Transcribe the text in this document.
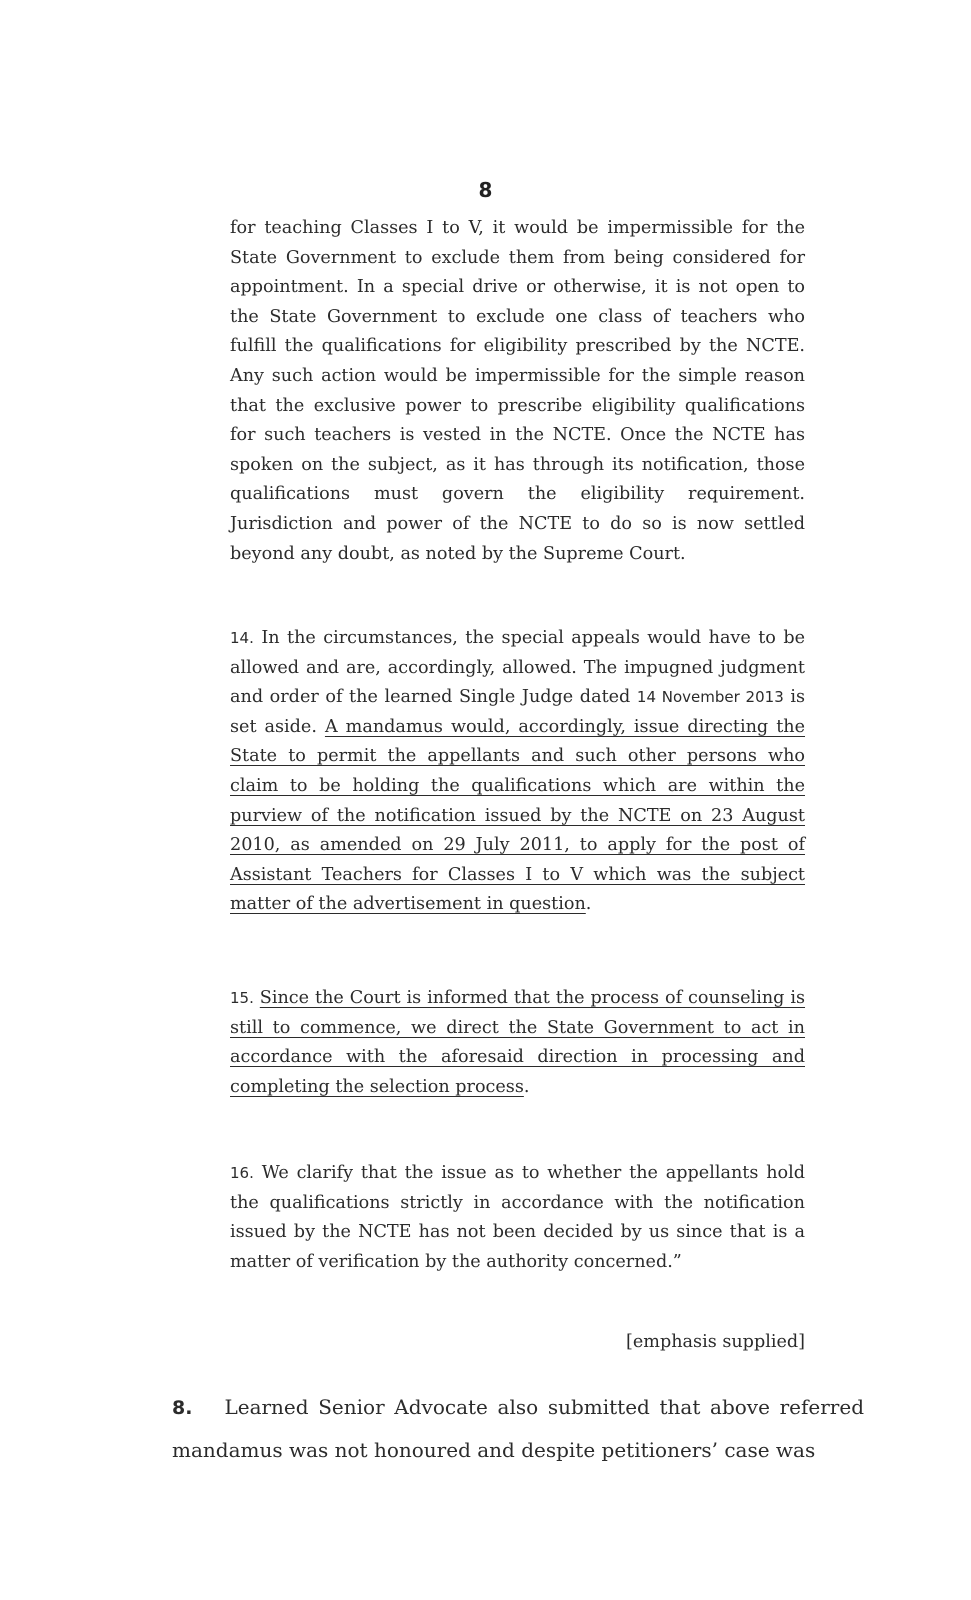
8

for teaching Classes I to V, it would be impermissible for the State Government to exclude them from being considered for appointment. In a special drive or otherwise, it is not open to the State Government to exclude one class of teachers who fulfill the qualifications for eligibility prescribed by the NCTE. Any such action would be impermissible for the simple reason that the exclusive power to prescribe eligibility qualifications for such teachers is vested in the NCTE. Once the NCTE has spoken on the subject, as it has through its notification, those qualifications must govern the eligibility requirement. Jurisdiction and power of the NCTE to do so is now settled beyond any doubt, as noted by the Supreme Court.

14. In the circumstances, the special appeals would have to be allowed and are, accordingly, allowed. The impugned judgment and order of the learned Single Judge dated 14 November 2013 is set aside. A mandamus would, accordingly, issue directing the State to permit the appellants and such other persons who claim to be holding the qualifications which are within the purview of the notification issued by the NCTE on 23 August 2010, as amended on 29 July 2011, to apply for the post of Assistant Teachers for Classes I to V which was the subject matter of the advertisement in question.

15. Since the Court is informed that the process of counseling is still to commence, we direct the State Government to act in accordance with the aforesaid direction in processing and completing the selection process.

16. We clarify that the issue as to whether the appellants hold the qualifications strictly in accordance with the notification issued by the NCTE has not been decided by us since that is a matter of verification by the authority concerned.”

[emphasis supplied]

8. Learned Senior Advocate also submitted that above referred mandamus was not honoured and despite petitioners’ case was
